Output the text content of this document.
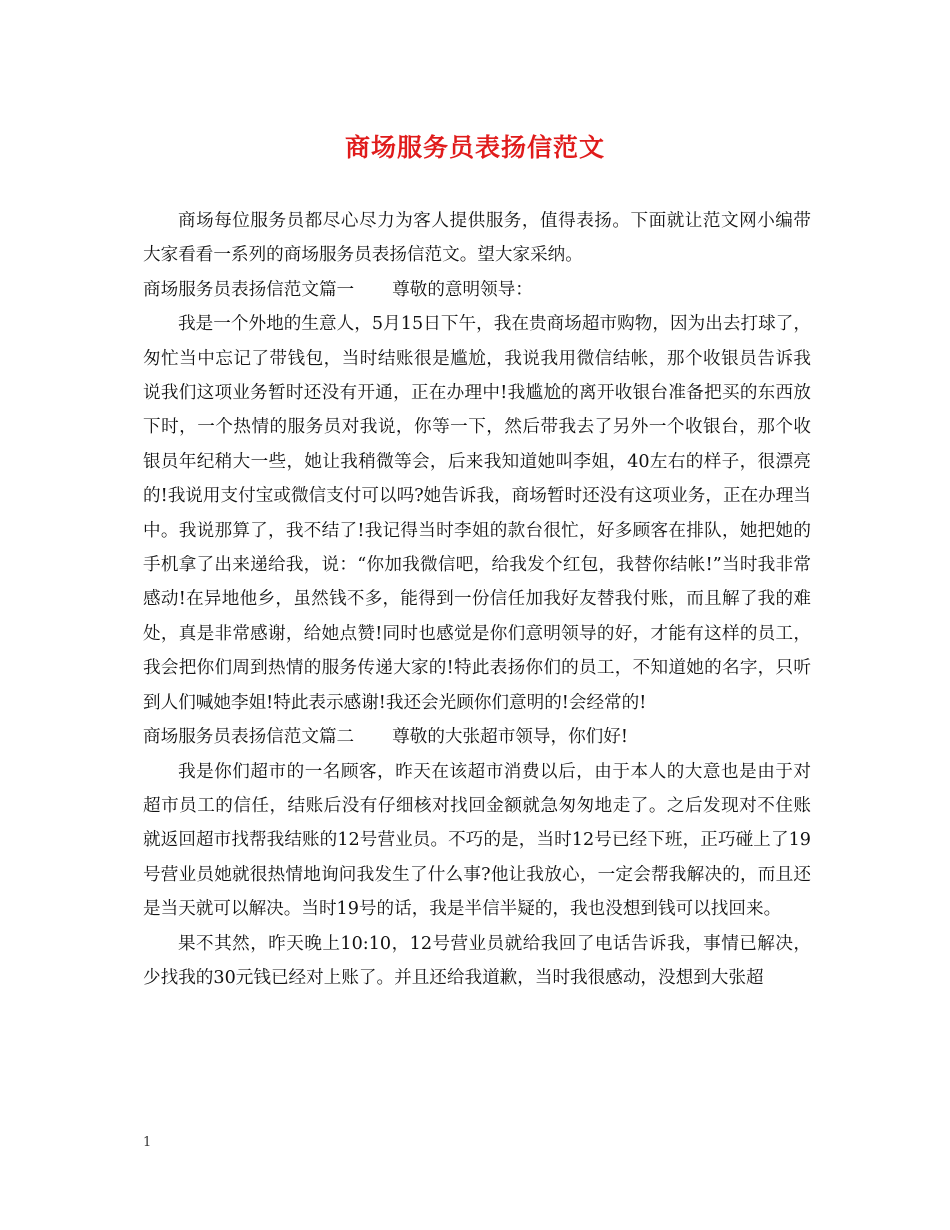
商场服务员表扬信范文

商场每位服务员都尽心尽力为客人提供服务，值得表扬。下面就让范文网小编带大家看看一系列的商场服务员表扬信范文。望大家采纳。

商场服务员表扬信范文篇一 尊敬的意明领导：

我是一个外地的生意人，5月15日下午，我在贵商场超市购物，因为出去打球了，匆忙当中忘记了带钱包，当时结账很是尴尬，我说我用微信结帐，那个收银员告诉我说我们这项业务暂时还没有开通，正在办理中!我尴尬的离开收银台准备把买的东西放下时，一个热情的服务员对我说，你等一下，然后带我去了另外一个收银台，那个收银员年纪稍大一些，她让我稍微等会，后来我知道她叫李姐，40左右的样子，很漂亮的!我说用支付宝或微信支付可以吗?她告诉我，商场暂时还没有这项业务，正在办理当中。我说那算了，我不结了!我记得当时李姐的款台很忙，好多顾客在排队，她把她的手机拿了出来递给我，说：“你加我微信吧，给我发个红包，我替你结帐!”当时我非常感动!在异地他乡，虽然钱不多，能得到一份信任加我好友替我付账，而且解了我的难处，真是非常感谢，给她点赞!同时也感觉是你们意明领导的好，才能有这样的员工，我会把你们周到热情的服务传递大家的!特此表扬你们的员工，不知道她的名字，只听到人们喊她李姐!特此表示感谢!我还会光顾你们意明的!会经常的!

商场服务员表扬信范文篇二 尊敬的大张超市领导，你们好!

我是你们超市的一名顾客，昨天在该超市消费以后，由于本人的大意也是由于对超市员工的信任，结账后没有仔细核对找回金额就急匆匆地走了。之后发现对不住账就返回超市找帮我结账的12号营业员。不巧的是，当时12号已经下班，正巧碰上了19号营业员她就很热情地询问我发生了什么事?他让我放心，一定会帮我解决的，而且还是当天就可以解决。当时19号的话，我是半信半疑的，我也没想到钱可以找回来。

果不其然，昨天晚上10:10，12号营业员就给我回了电话告诉我，事情已解决，少找我的30元钱已经对上账了。并且还给我道歉，当时我很感动，没想到大张超

1
